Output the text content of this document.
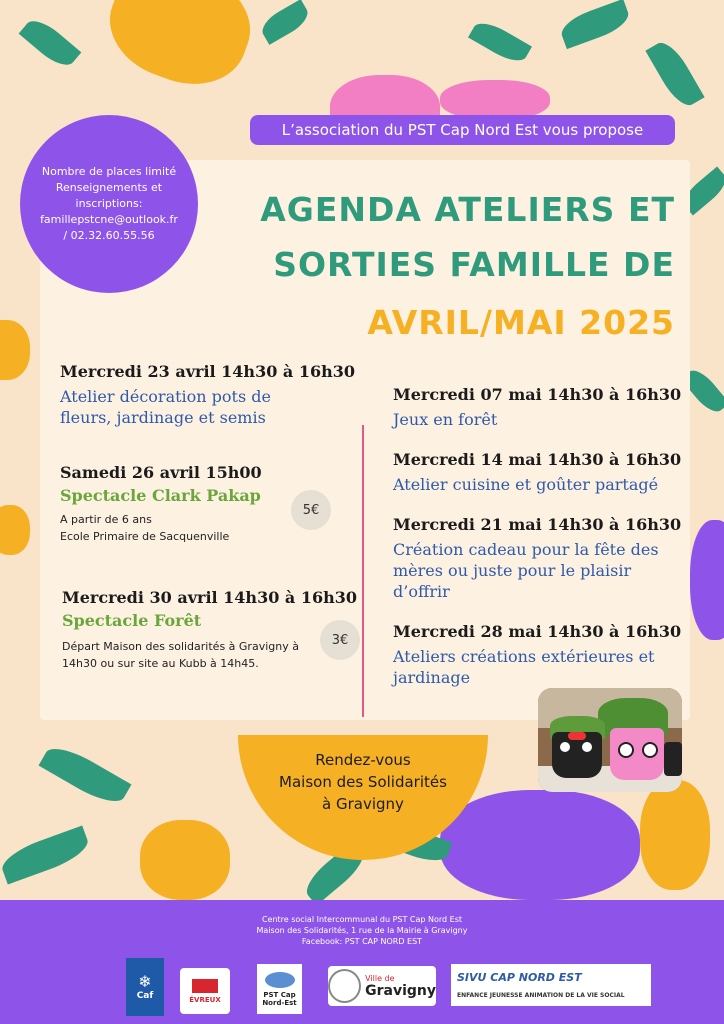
L’association du PST Cap Nord Est vous propose
Nombre de places limité
Renseignements et
inscriptions:
famillepstcne@outlook.fr
/ 02.32.60.55.56
AGENDA ATELIERS ET
SORTIES FAMILLE DE
AVRIL/MAI 2025
Mercredi 23 avril 14h30 à 16h30
Atelier décoration pots de
fleurs, jardinage et semis
Samedi 26 avril 15h00
Spectacle Clark Pakap
A partir de 6 ans
Ecole Primaire de Sacquenville
5€
Mercredi 30 avril 14h30 à 16h30
Spectacle Forêt
Départ Maison des solidarités à Gravigny à
14h30 ou sur site au Kubb à 14h45.
3€
Mercredi 07 mai 14h30 à 16h30
Jeux en forêt
Mercredi 14 mai 14h30 à 16h30
Atelier cuisine et goûter partagé
Mercredi 21 mai 14h30 à 16h30
Création cadeau pour la fête des
mères ou juste pour le plaisir
d’offrir
Mercredi 28 mai 14h30 à 16h30
Ateliers créations extérieures et
jardinage
Rendez-vous
Maison des Solidarités
à Gravigny
Centre social Intercommunal du PST Cap Nord Est
Maison des Solidarités, 1 rue de la Mairie à Gravigny
Facebook: PST CAP NORD EST
❄
Caf	ÉVREUX
PST Cap Nord-Est
Ville de
Gravigny
SIVU CAP NORD EST
ENFANCE JEUNESSE ANIMATION DE LA VIE SOCIAL
